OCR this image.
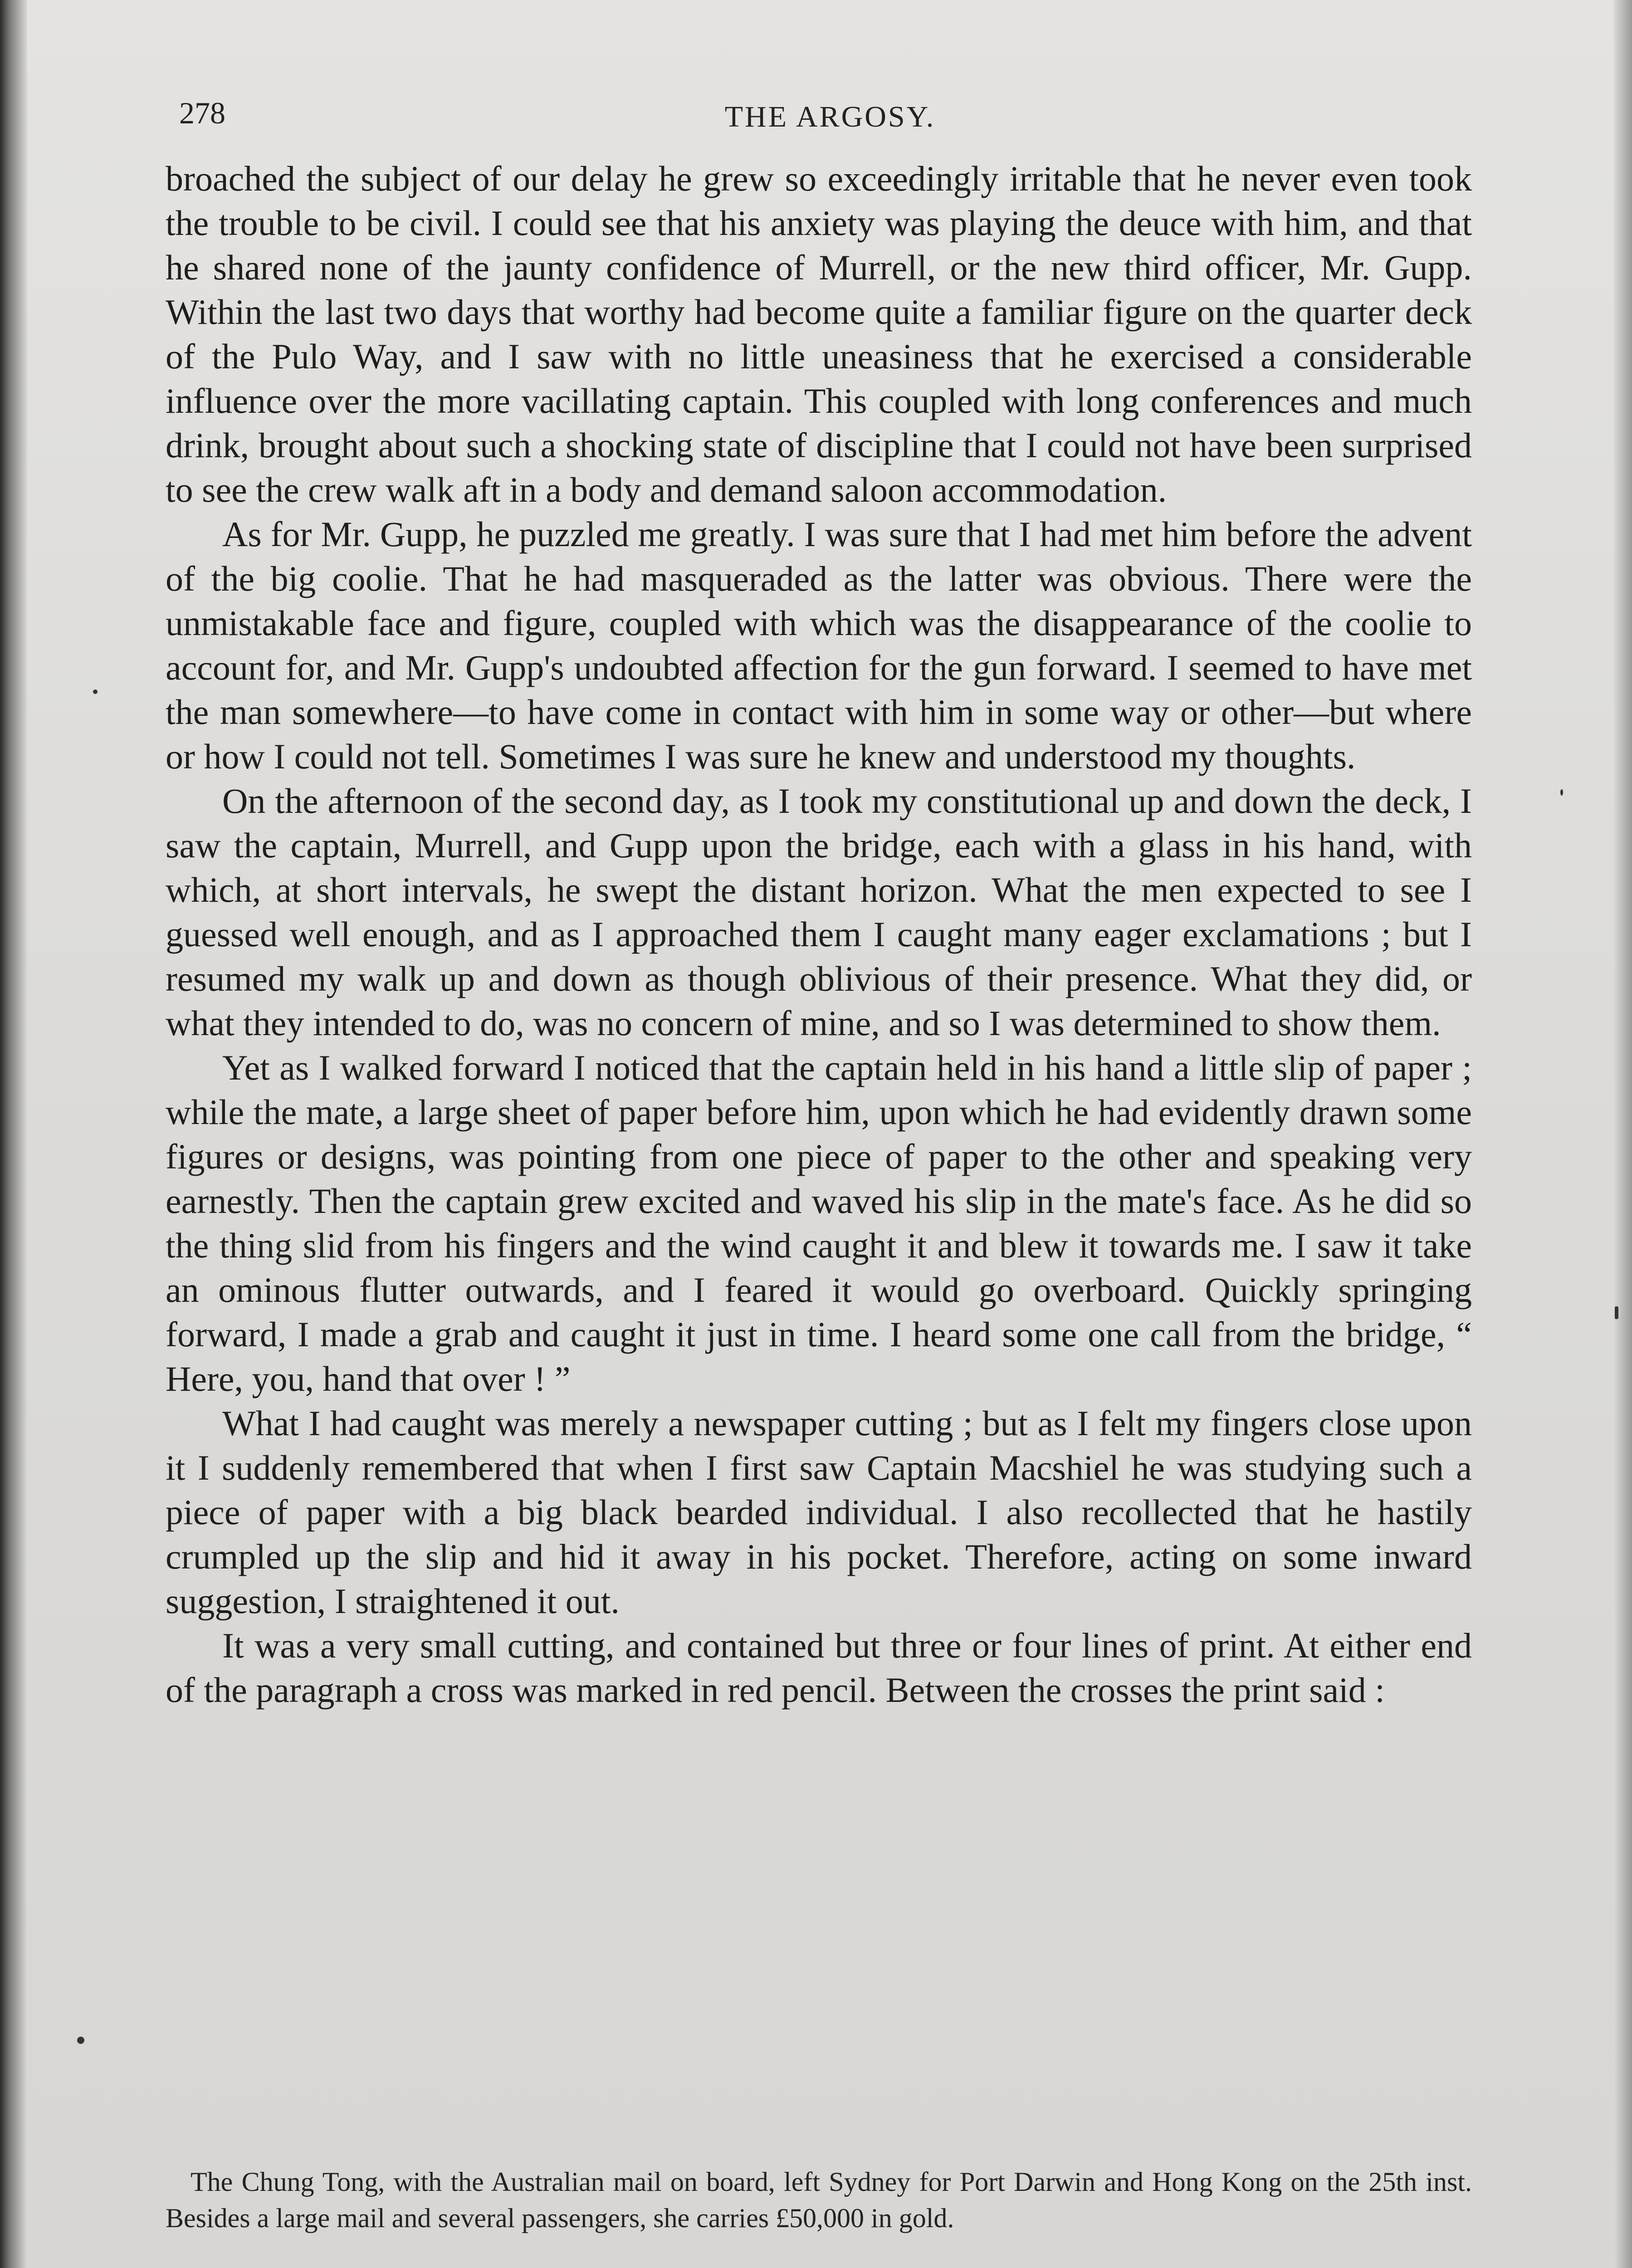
278	THE ARGOSY.

broached the subject of our delay he grew so exceedingly irritable that he never even took the trouble to be civil. I could see that his anxiety was playing the deuce with him, and that he shared none of the jaunty confidence of Murrell, or the new third officer, Mr. Gupp. Within the last two days that worthy had become quite a familiar figure on the quarter deck of the Pulo Way, and I saw with no little uneasiness that he exercised a considerable influence over the more vacillating captain. This coupled with long conferences and much drink, brought about such a shocking state of discipline that I could not have been surprised to see the crew walk aft in a body and demand saloon accommodation.

As for Mr. Gupp, he puzzled me greatly. I was sure that I had met him before the advent of the big coolie. That he had masqueraded as the latter was obvious. There were the unmistakable face and figure, coupled with which was the disappearance of the coolie to account for, and Mr. Gupp's undoubted affection for the gun forward. I seemed to have met the man somewhere—to have come in contact with him in some way or other—but where or how I could not tell. Sometimes I was sure he knew and understood my thoughts.

On the afternoon of the second day, as I took my constitutional up and down the deck, I saw the captain, Murrell, and Gupp upon the bridge, each with a glass in his hand, with which, at short intervals, he swept the distant horizon. What the men expected to see I guessed well enough, and as I approached them I caught many eager exclamations ; but I resumed my walk up and down as though oblivious of their presence. What they did, or what they intended to do, was no concern of mine, and so I was determined to show them.

Yet as I walked forward I noticed that the captain held in his hand a little slip of paper ; while the mate, a large sheet of paper before him, upon which he had evidently drawn some figures or designs, was pointing from one piece of paper to the other and speaking very earnestly. Then the captain grew excited and waved his slip in the mate's face. As he did so the thing slid from his fingers and the wind caught it and blew it towards me. I saw it take an ominous flutter outwards, and I feared it would go overboard. Quickly springing forward, I made a grab and caught it just in time. I heard some one call from the bridge, “ Here, you, hand that over ! ”

What I had caught was merely a newspaper cutting ; but as I felt my fingers close upon it I suddenly remembered that when I first saw Captain Macshiel he was studying such a piece of paper with a big black bearded individual. I also recollected that he hastily crumpled up the slip and hid it away in his pocket. Therefore, acting on some inward suggestion, I straightened it out.

It was a very small cutting, and contained but three or four lines of print. At either end of the paragraph a cross was marked in red pencil. Between the crosses the print said :

The Chung Tong, with the Australian mail on board, left Sydney for Port Darwin and Hong Kong on the 25th inst. Besides a large mail and several passengers, she carries £50,000 in gold.
